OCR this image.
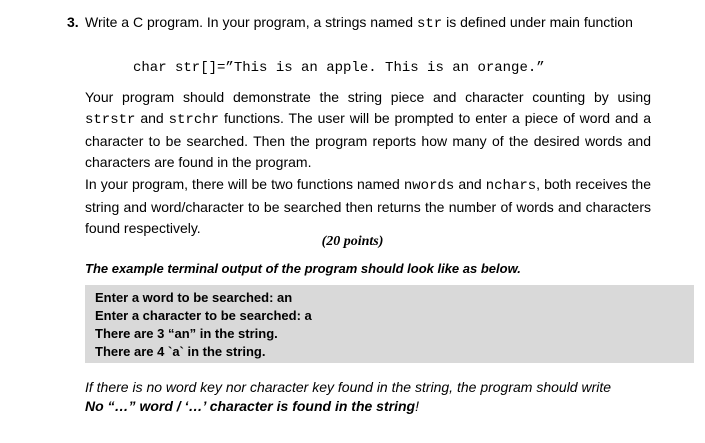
3. Write a C program. In your program, a strings named str is defined under main function

char str[]=”This is an apple. This is an orange.”

Your program should demonstrate the string piece and character counting by using strstr and strchr functions. The user will be prompted to enter a piece of word and a character to be searched. Then the program reports how many of the desired words and characters are found in the program.

In your program, there will be two functions named nwords and nchars, both receives the string and word/character to be searched then returns the number of words and characters found respectively.

(20 points)
The example terminal output of the program should look like as below.
Enter a word to be searched: an
Enter a character to be searched: a
There are 3 “an” in the string.
There are 4 `a` in the string.
If there is no word key nor character key found in the string, the program should write
No “…” word / ‘…’ character is found in the string!
